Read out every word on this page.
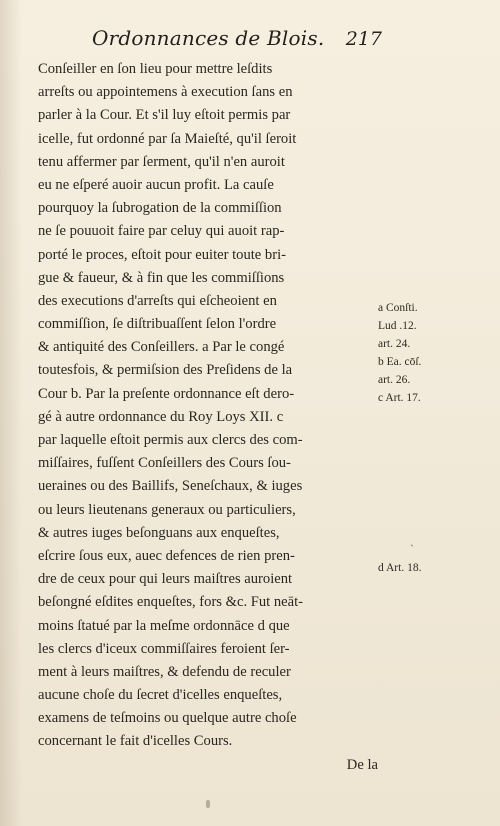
Ordonnances de Blois. 217
Conſeiller en ſon lieu pour mettre leſdits
arreſts ou appointemens à execution ſans en
parler à la Cour. Et s'il luy eſtoit permis par
icelle, fut ordonné par ſa Maieſté, qu'il ſeroit
tenu affermer par ſerment, qu'il n'en auroit
eu ne eſperé auoir aucun profit. La cauſe
pourquoy la ſubrogation de la commiſſion
ne ſe pouuoit faire par celuy qui auoit rap-
porté le proces, eſtoit pour euiter toute bri-
gue & faueur, & à fin que les commiſſions
des executions d'arreſts qui eſcheoient en
commiſſion, ſe diſtribuaſſent ſelon l'ordre
& antiquité des Conſeillers. a Par le congé
toutesfois, & permiſsion des Preſidens de la
Cour b. Par la preſente ordonnance eſt dero-
gé à autre ordonnance du Roy Loys XII. c
par laquelle eſtoit permis aux clercs des com-
miſſaires, fuſſent Conſeillers des Cours ſou-
ueraines ou des Baillifs, Seneſchaux, & iuges
ou leurs lieutenans generaux ou particuliers,
& autres iuges beſonguans aux enqueſtes,
eſcrire ſous eux, auec defences de rien pren-
dre de ceux pour qui leurs maiſtres auroient
beſongné eſdites enqueſtes, fors &c. Fut neāt-
moins ſtatué par la meſme ordonnāce d que
les clercs d'iceux commiſſaires feroient ſer-
ment à leurs maiſtres, & defendu de reculer
aucune choſe du ſecret d'icelles enqueſtes,
examens de teſmoins ou quelque autre choſe
concernant le fait d'icelles Cours.
De la
a Conſti.
Lud .12.
art. 24.
b Ea. cōſ.
art. 26.
c Art. 17.
d Art. 18.
ˎ
